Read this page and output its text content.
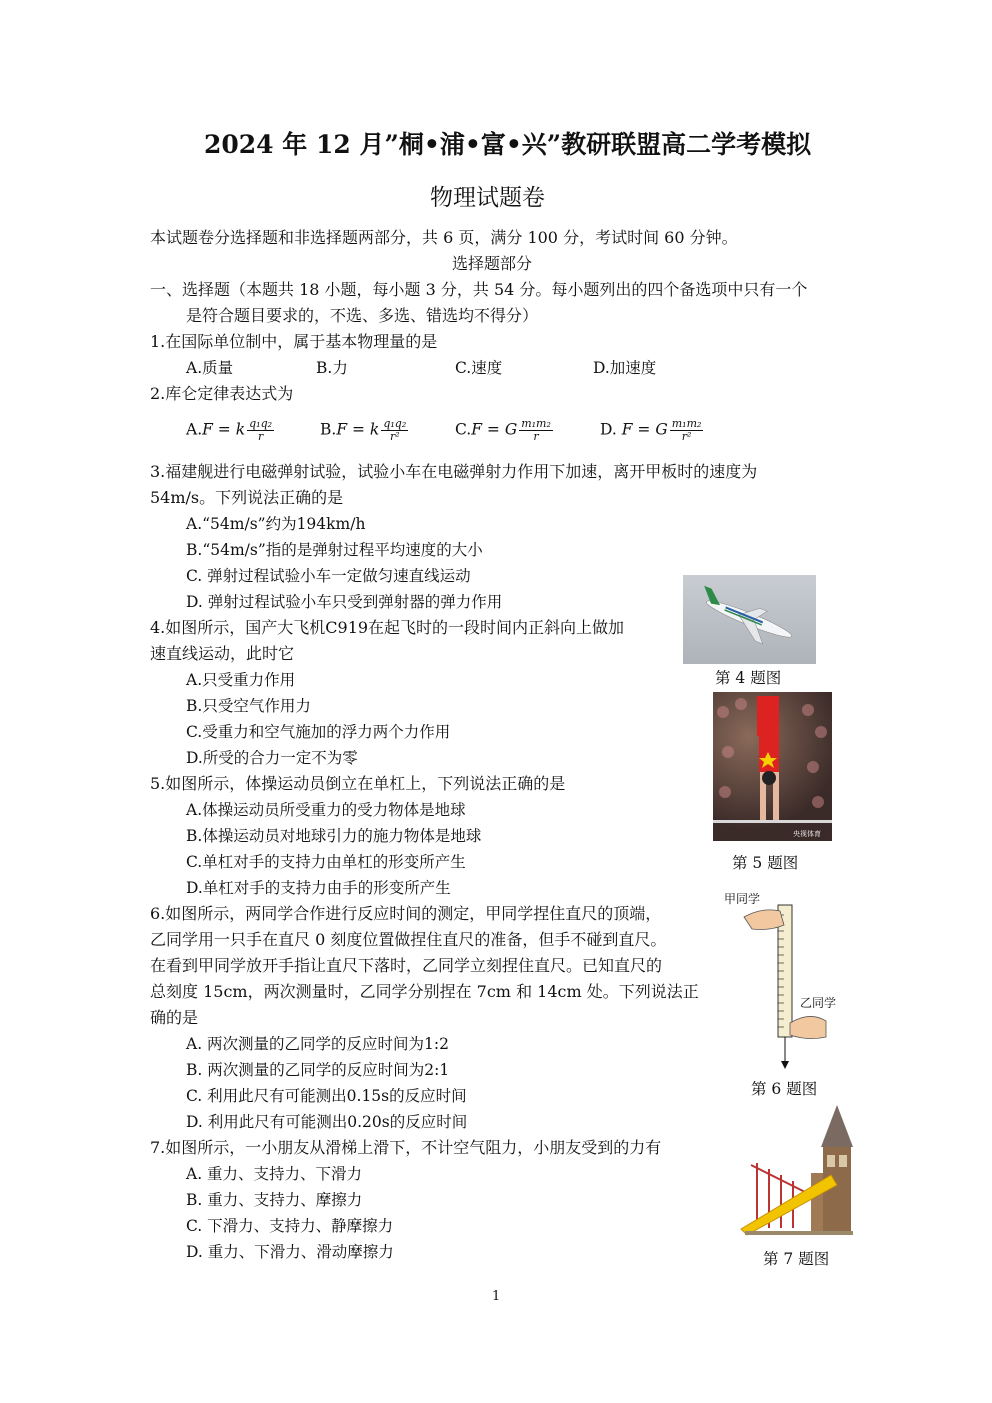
2024 年 12 月”桐•浦•富•兴”教研联盟高二学考模拟
物理试题卷
本试题卷分选择题和非选择题两部分，共 6 页，满分 100 分，考试时间 60 分钟。
选择题部分
一、选择题（本题共 18 小题，每小题 3 分，共 54 分。每小题列出的四个备选项中只有一个
是符合题目要求的，不选、多选、错选均不得分）
1.在国际单位制中，属于基本物理量的是
A.质量	B.力	C.速度	D.加速度
2.库仑定律表达式为
A.F = k $\frac{\text{q₁q₂}}{r}$	B.F = k $\frac{\text{q₁q₂}}{\text{r²}}$	C.F = G $\frac{\text{m₁m₂}}{r}$	D. F = G $\frac{\text{m₁m₂}}{\text{r²}}$
3.福建舰进行电磁弹射试验，试验小车在电磁弹射力作用下加速，离开甲板时的速度为
54m/s。下列说法正确的是
A.“54m/s”约为194km/h
B.“54m/s”指的是弹射过程平均速度的大小
C. 弹射过程试验小车一定做匀速直线运动
D. 弹射过程试验小车只受到弹射器的弹力作用
第 4 题图
4.如图所示，国产大飞机C919在起飞时的一段时间内正斜向上做加
速直线运动，此时它
A.只受重力作用
B.只受空气作用力
C.受重力和空气施加的浮力两个力作用
D.所受的合力一定不为零
央视体育
第 5 题图
5.如图所示，体操运动员倒立在单杠上，下列说法正确的是
A.体操运动员所受重力的受力物体是地球
B.体操运动员对地球引力的施力物体是地球
C.单杠对手的支持力由单杠的形变所产生
D.单杠对手的支持力由手的形变所产生
甲同学
乙同学
第 6 题图
6.如图所示，两同学合作进行反应时间的测定，甲同学捏住直尺的顶端，
乙同学用一只手在直尺 0 刻度位置做捏住直尺的准备，但手不碰到直尺。
在看到甲同学放开手指让直尺下落时，乙同学立刻捏住直尺。已知直尺的
总刻度 15cm，两次测量时，乙同学分别捏在 7cm 和 14cm 处。下列说法正
确的是
A. 两次测量的乙同学的反应时间为1:2
B. 两次测量的乙同学的反应时间为2:1
C. 利用此尺有可能测出0.15s的反应时间
D. 利用此尺有可能测出0.20s的反应时间
第 7 题图
7.如图所示，一小朋友从滑梯上滑下，不计空气阻力，小朋友受到的力有
A. 重力、支持力、下滑力
B. 重力、支持力、摩擦力
C. 下滑力、支持力、静摩擦力
D. 重力、下滑力、滑动摩擦力
1
